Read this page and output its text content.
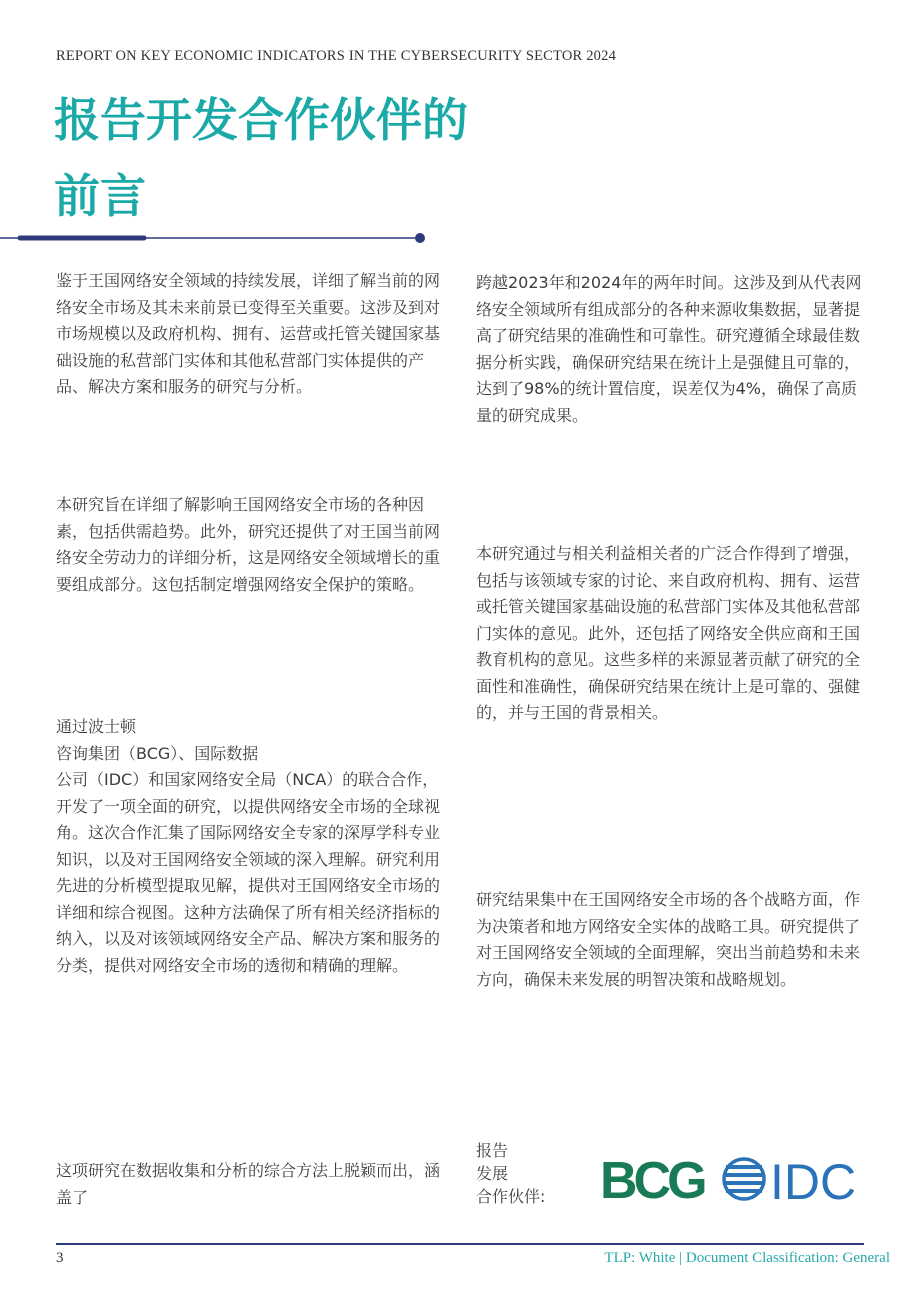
REPORT ON KEY ECONOMIC INDICATORS IN THE CYBERSECURITY SECTOR 2024
报告开发合作伙伴的
前言

鉴于王国网络安全领域的持续发展，详细了解当前的网络安全市场及其未来前景已变得至关重要。这涉及到对市场规模以及政府机构、拥有、运营或托管关键国家基础设施的私营部门实体和其他私营部门实体提供的产品、解决方案和服务的研究与分析。

本研究旨在详细了解影响王国网络安全市场的各种因素，包括供需趋势。此外，研究还提供了对王国当前网络安全劳动力的详细分析，这是网络安全领域增长的重要组成部分。这包括制定增强网络安全保护的策略。

通过波士顿

咨询集团（BCG）、国际数据

公司（IDC）和国家网络安全局（NCA）的联合合作，开发了一项全面的研究，以提供网络安全市场的全球视角。这次合作汇集了国际网络安全专家的深厚学科专业知识，以及对王国网络安全领域的深入理解。研究利用先进的分析模型提取见解，提供对王国网络安全市场的详细和综合视图。这种方法确保了所有相关经济指标的纳入，以及对该领域网络安全产品、解决方案和服务的分类，提供对网络安全市场的透彻和精确的理解。

这项研究在数据收集和分析的综合方法上脱颖而出，涵盖了

跨越2023年和2024年的两年时间。这涉及到从代表网络安全领域所有组成部分的各种来源收集数据，显著提高了研究结果的准确性和可靠性。研究遵循全球最佳数据分析实践，确保研究结果在统计上是强健且可靠的，达到了98%的统计置信度，误差仅为4%，确保了高质量的研究成果。

本研究通过与相关利益相关者的广泛合作得到了增强，包括与该领域专家的讨论、来自政府机构、拥有、运营或托管关键国家基础设施的私营部门实体及其他私营部门实体的意见。此外，还包括了网络安全供应商和王国教育机构的意见。这些多样的来源显著贡献了研究的全面性和准确性，确保研究结果在统计上是可靠的、强健的，并与王国的背景相关。

研究结果集中在王国网络安全市场的各个战略方面，作为决策者和地方网络安全实体的战略工具。研究提供了对王国网络安全领域的全面理解，突出当前趋势和未来方向，确保未来发展的明智决策和战略规划。

报告
发展
合作伙伴: BCG IDC
3	TLP: White | Document Classification: General
